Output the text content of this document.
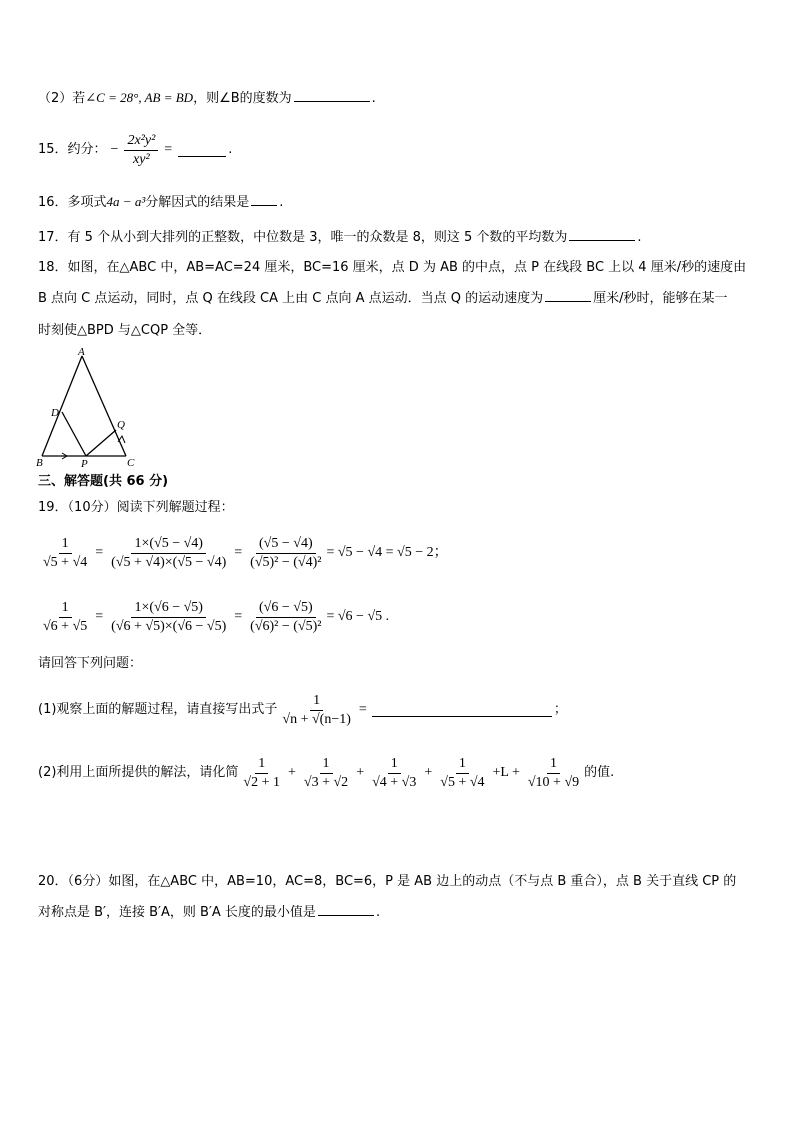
（2）若∠C = 28°, AB = BD，则∠B的度数为	.
15．约分： − $\frac{\text{2x²y²}}{\text{xy²}}$ =	.
16．多项式4a − a³分解因式的结果是 .
17．有 5 个从小到大排列的正整数，中位数是 3，唯一的众数是 8，则这 5 个数的平均数为	.
18．如图，在△ABC 中，AB=AC=24 厘米，BC=16 厘米，点 D 为 AB 的中点，点 P 在线段 BC 上以 4 厘米/秒的速度由
B 点向 C 点运动，同时，点 Q 在线段 CA 上由 C 点向 A 点运动．当点 Q 的运动速度为	厘米/秒时，能够在某一
时刻使△BPD 与△CQP 全等．
A
D
Q
B	P	C
三、解答题(共 66 分)
19．（10分）阅读下列解题过程：
$\frac{1}{√5 + √4} = \frac{1\times(√5 - √4)}{(√5 + √4)\times(√5 - √4)} = \frac{(√5 - √4)}{\text{(√5)² − (√4)²}} = √5 - √4 = √5 - 2$；
$\frac{1}{√6 + √5} = \frac{1\times(√6 - √5)}{(√6 + √5)\times(√6 - √5)} = \frac{(√6 - √5)}{\text{(√6)² − (√5)²}} = √6 - √5$ .
请回答下列问题：
(1)观察上面的解题过程，请直接写出式子 $\frac{1}{√n + √(n-1)}$ =	；
(2)利用上面所提供的解法，请化简 $\frac{1}{√2 + 1} + \frac{1}{√3 + √2} + \frac{1}{√4 + √3} + \frac{1}{√5 + √4} +L + \frac{1}{√10 + √9}$ 的值.
20．（6分）如图，在△ABC 中，AB=10，AC=8，BC=6，P 是 AB 边上的动点（不与点 B 重合），点 B 关于直线 CP 的
对称点是 B′，连接 B′A，则 B′A 长度的最小值是	.
